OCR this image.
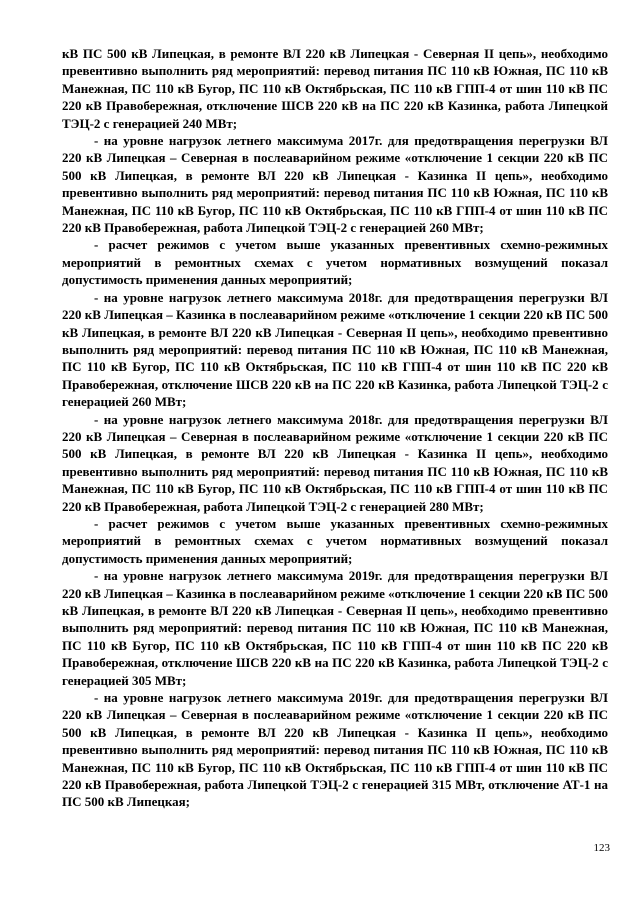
кВ ПС 500 кВ Липецкая, в ремонте ВЛ 220 кВ Липецкая - Северная II цепь», необходимо превентивно выполнить ряд мероприятий: перевод питания ПС 110 кВ Южная, ПС 110 кВ Манежная, ПС 110 кВ Бугор, ПС 110 кВ Октябрьская, ПС 110 кВ ГПП-4 от шин 110 кВ ПС 220 кВ Правобережная, отключение ШСВ 220 кВ на ПС 220 кВ Казинка, работа Липецкой ТЭЦ-2 с генерацией 240 МВт;

- на уровне нагрузок летнего максимума 2017г. для предотвращения перегрузки ВЛ 220 кВ Липецкая – Северная в послеаварийном режиме «отключение 1 секции 220 кВ ПС 500 кВ Липецкая, в ремонте ВЛ 220 кВ Липецкая - Казинка II цепь», необходимо превентивно выполнить ряд мероприятий: перевод питания ПС 110 кВ Южная, ПС 110 кВ Манежная, ПС 110 кВ Бугор, ПС 110 кВ Октябрьская, ПС 110 кВ ГПП-4 от шин 110 кВ ПС 220 кВ Правобережная, работа Липецкой ТЭЦ-2 с генерацией 260 МВт;

- расчет режимов с учетом выше указанных превентивных схемно-режимных мероприятий в ремонтных схемах с учетом нормативных возмущений показал допустимость применения данных мероприятий;

- на уровне нагрузок летнего максимума 2018г. для предотвращения перегрузки ВЛ 220 кВ Липецкая – Казинка в послеаварийном режиме «отключение 1 секции 220 кВ ПС 500 кВ Липецкая, в ремонте ВЛ 220 кВ Липецкая - Северная II цепь», необходимо превентивно выполнить ряд мероприятий: перевод питания ПС 110 кВ Южная, ПС 110 кВ Манежная, ПС 110 кВ Бугор, ПС 110 кВ Октябрьская, ПС 110 кВ ГПП-4 от шин 110 кВ ПС 220 кВ Правобережная, отключение ШСВ 220 кВ на ПС 220 кВ Казинка, работа Липецкой ТЭЦ-2 с генерацией 260 МВт;

- на уровне нагрузок летнего максимума 2018г. для предотвращения перегрузки ВЛ 220 кВ Липецкая – Северная в послеаварийном режиме «отключение 1 секции 220 кВ ПС 500 кВ Липецкая, в ремонте ВЛ 220 кВ Липецкая - Казинка II цепь», необходимо превентивно выполнить ряд мероприятий: перевод питания ПС 110 кВ Южная, ПС 110 кВ Манежная, ПС 110 кВ Бугор, ПС 110 кВ Октябрьская, ПС 110 кВ ГПП-4 от шин 110 кВ ПС 220 кВ Правобережная, работа Липецкой ТЭЦ-2 с генерацией 280 МВт;

- расчет режимов с учетом выше указанных превентивных схемно-режимных мероприятий в ремонтных схемах с учетом нормативных возмущений показал допустимость применения данных мероприятий;

- на уровне нагрузок летнего максимума 2019г. для предотвращения перегрузки ВЛ 220 кВ Липецкая – Казинка в послеаварийном режиме «отключение 1 секции 220 кВ ПС 500 кВ Липецкая, в ремонте ВЛ 220 кВ Липецкая - Северная II цепь», необходимо превентивно выполнить ряд мероприятий: перевод питания ПС 110 кВ Южная, ПС 110 кВ Манежная, ПС 110 кВ Бугор, ПС 110 кВ Октябрьская, ПС 110 кВ ГПП-4 от шин 110 кВ ПС 220 кВ Правобережная, отключение ШСВ 220 кВ на ПС 220 кВ Казинка, работа Липецкой ТЭЦ-2 с генерацией 305 МВт;

- на уровне нагрузок летнего максимума 2019г. для предотвращения перегрузки ВЛ 220 кВ Липецкая – Северная в послеаварийном режиме «отключение 1 секции 220 кВ ПС 500 кВ Липецкая, в ремонте ВЛ 220 кВ Липецкая - Казинка II цепь», необходимо превентивно выполнить ряд мероприятий: перевод питания ПС 110 кВ Южная, ПС 110 кВ Манежная, ПС 110 кВ Бугор, ПС 110 кВ Октябрьская, ПС 110 кВ ГПП-4 от шин 110 кВ ПС 220 кВ Правобережная, работа Липецкой ТЭЦ-2 с генерацией 315 МВт, отключение АТ-1 на ПС 500 кВ Липецкая;

123
